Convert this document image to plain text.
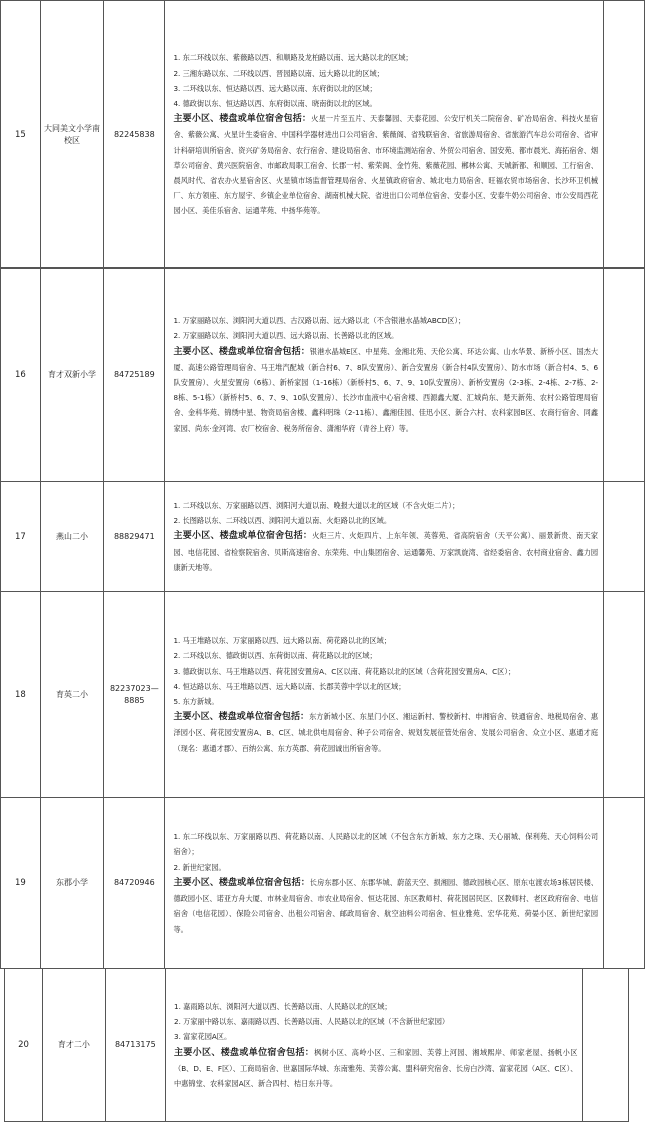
15	大同美文小学南校区	82245838	

1. 东二环线以东、紫薇路以西、和顺路及龙柏路以南、远大路以北的区域；

2. 三湘东路以东、二环线以西、晋园路以南、远大路以北的区域；

3. 二环线以东、恒达路以西、远大路以南、东府街以北的区域；

4. 德政街以东、恒达路以西、东府街以南、晓南街以北的区域。

主要小区、楼盘或单位宿舍包括：火星一片至五片、天泰馨园、天泰花园、公安厅机关二院宿舍、矿冶局宿舍、科技火星宿舍、紫薇公寓、火星计生委宿舍、中国科学器材进出口公司宿舍、紫薇阁、省残联宿舍、省旅游局宿舍、省旅游汽车总公司宿舍、省审计科研培训所宿舍、资兴矿务局宿舍、农行宿舍、建设局宿舍、市环境监测站宿舍、外贸公司宿舍、国安苑、都市晨光、海拓宿舍、烟草公司宿舍、黄兴医院宿舍、市邮政局职工宿舍、长郡一村、紫荣阁、金竹苑、紫薇花园、郴林公寓、天城新都、和顺园、工行宿舍、晨风时代、省农办火星宿舍区、火星镇市场监督管理局宿舍、火星镇政府宿舍、城北电力局宿舍、旺福农贸市场宿舍、长沙环卫机械厂、东方领座、东方屋宇、乡镇企业单位宿舍、湖南机械大院、省进出口公司单位宿舍、安泰小区、安泰牛奶公司宿舍、市公安局西花园小区、美佳乐宿舍、运通苹苑、中扬华苑等。

16	育才双新小学	84725189	

1. 万家丽路以东、浏阳河大道以西、古汉路以南、远大路以北（不含银港水晶城ABCD区）；

2. 万家丽路以东、浏阳河大道以西、远大路以南、长善路以北的区域。

主要小区、楼盘或单位宿舍包括：银港水晶城E区、中星苑、金湘北苑、天伦公寓、环达公寓、山水华景、新桥小区、国杰大厦、高速公路管理局宿舍、马王堆汽配城（新合村6、7、8队安置房）、新合安置房（新合村4队安置房）、防水市场（新合村4、5、6队安置房）、火星安置房（6栋）、新桥家园（1-16栋）（新桥村5、6、7、9、10队安置房）、新桥安置房（2-3栋、2-4栋、2-7栋、2-8栋、5-1栋）（新桥村5、6、7、9、10队安置房）、长沙市血液中心宿舍楼、西源鑫大厦、汇城尚东、楚天新苑、农村公路管理局宿舍、金科华苑、锦绣中星、物资局宿舍楼、鑫科明珠（2-11栋）、鑫湘佳园、佳迅小区、新合六村、农科家园B区、农商行宿舍、同鑫家园、尚东·金河湾、农厂校宿舍、税务所宿舍、潇湘华府（青谷上府）等。

17	燕山二小	88829471	

1. 二环线以东、万家丽路以西、浏阳河大道以南、晚报大道以北的区域（不含火炬二片）；

2. 长图路以东、二环线以西、浏阳河大道以南、火炬路以北的区域。

主要小区、楼盘或单位宿舍包括：火炬三片、火炬四片、上东年领、英蓉苑、省高院宿舍（天平公寓）、丽景新贵、南天家园、电信花园、省检察院宿舍、贝斯高速宿舍、东荣苑、中山集团宿舍、运通馨苑、万家凯旋湾、省经委宿舍、农村商业宿舍、鑫力园康新天地等。

18	育英二小	82237023—8885	

1. 马王堆路以东、万家丽路以西、远大路以南、荷花路以北的区域；

2. 二环线以东、德政街以西、东荷街以南、荷花路以北的区域；

3. 德政街以东、马王堆路以西、荷花园安置房A、C区以南、荷花路以北的区域（含荷花园安置房A、C区）；

4. 恒达路以东、马王堆路以西、远大路以南、长郡芙蓉中学以北的区域；

5. 东方新城。

主要小区、楼盘或单位宿舍包括：东方新城小区、东星门小区、湘运新村、警校新村、申湘宿舍、铁通宿舍、地税局宿舍、惠泽园小区、荷花园安置房A、B、C区、城北供电局宿舍、种子公司宿舍、规划发展征管处宿舍、发展公司宿舍、众立小区、惠通才庭（现名：惠通才郡）、百纳公寓、东方英郡、荷花园诚出所宿舍等。

19	东郡小学	84720946	

1. 东二环线以东、万家丽路以西、荷花路以南、人民路以北的区域（不包含东方新城、东方之珠、天心丽城、保利苑、天心饲料公司宿舍）；

2. 新世纪家园。

主要小区、楼盘或单位宿舍包括：长房东郡小区、东郡华城、蔚蓝天空、损湘园、德政园核心区、原东屯渡农场3栋居民楼、德政园小区、诺亚方舟大厦、市林业局宿舍、市农业局宿舍、恒达花园、东区教师村、荷花园居民区、区教师村、老区政府宿舍、电信宿舍（电信花园）、保险公司宿舍、出租公司宿舍、邮政局宿舍、航空油料公司宿舍、恒业雅苑、宏华花苑、荷晏小区、新世纪家园等。

20	育才二小	84713175	

1. 嘉雨路以东、浏阳河大道以西、长善路以南、人民路以北的区域；

2. 万家丽中路以东、嘉雨路以西、长善路以南、人民路以北的区域（不含新世纪家园）

3. 富家花园A区。

主要小区、楼盘或单位宿舍包括：枫树小区、高岭小区、三和家园、芙蓉上河园、湘域熙岸、师家老屋、扬帆小区（B、D、E、F区）、工商局宿舍、世嘉国际华城、东南雅苑、芙蓉公寓、盟科研究宿舍、长房白沙湾、富家花园（A区、C区）、中惠锦堂、农科家园A区、新合四村、桔日东升等。
